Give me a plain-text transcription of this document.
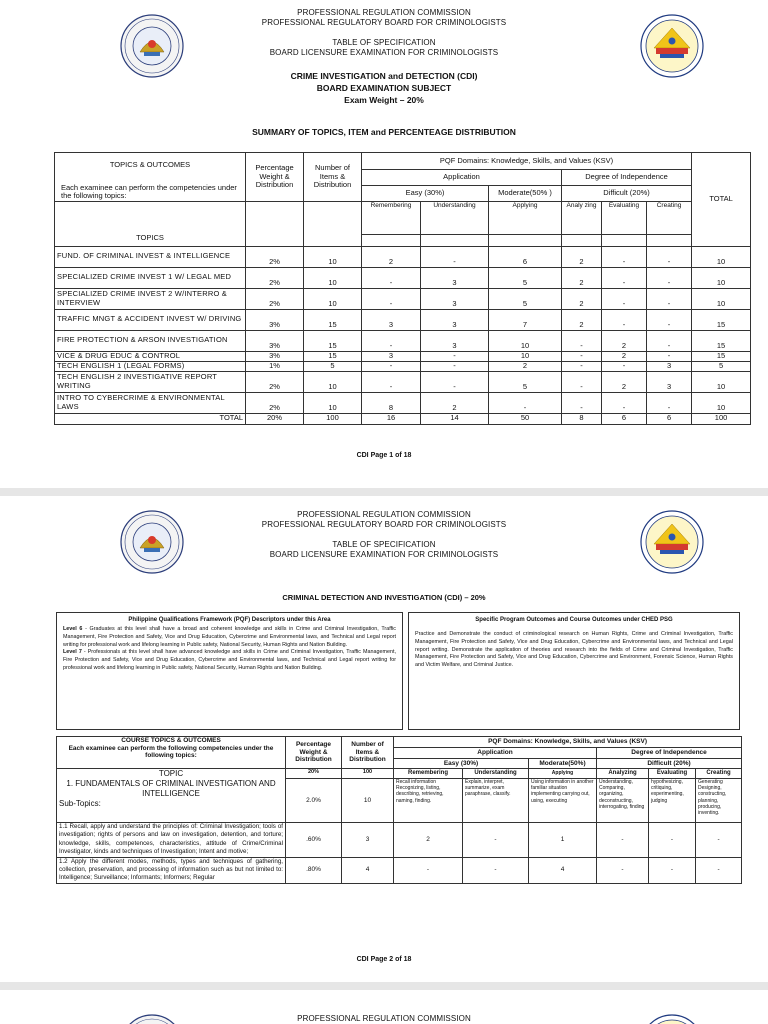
PROFESSIONAL REGULATION COMMISSION
PROFESSIONAL REGULATORY BOARD FOR CRIMINOLOGISTS
TABLE OF SPECIFICATION
BOARD LICENSURE EXAMINATION FOR CRIMINOLOGISTS
CRIME INVESTIGATION and DETECTION (CDI)
BOARD EXAMINATION SUBJECT
Exam Weight – 20%
SUMMARY OF TOPICS, ITEM and PERCENTEAGE DISTRIBUTION
TOPICS & OUTCOMES
Each examinee can perform the competencies under the following topics:	Percentage Weight & Distribution	Number of Items & Distribution	PQF Domains: Knowledge, Skills, and Values (KSV)						TOTAL
			Application			Degree of Independence			
			Easy (30%)		Moderate(50% )	Difficult (20%)			
TOPICS			Remembering	Understanding	Applying	Analy zing	Evaluating	Creating	

FUND. OF CRIMINAL INVEST & INTELLIGENCE	2%	10	2	-	6	2	-	-	10
SPECIALIZED CRIME INVEST 1 W/ LEGAL MED	2%	10	-	3	5	2	-	-	10
SPECIALIZED CRIME INVEST 2 W/INTERRO & INTERVIEW	2%	10	-	3	5	2	-	-	10
TRAFFIC MNGT & ACCIDENT INVEST W/ DRIVING	3%	15	3	3	7	2	-	-	15
FIRE PROTECTION & ARSON INVESTIGATION	3%	15	-	3	10	-	2	-	15
VICE & DRUG EDUC & CONTROL	3%	15	3	-	10	-	2	-	15
TECH ENGLISH 1 (LEGAL FORMS)	1%	5	-	-	2	-	-	3	5
TECH ENGLISH 2 INVESTIGATIVE REPORT WRITING	2%	10	-	-	5	-	2	3	10
INTRO TO CYBERCRIME & ENVIRONMENTAL LAWS	2%	10	8	2	-	-	-	-	10
TOTAL	20%	100	16	14	50	8	6	6	100
CDI Page 1 of 18
PROFESSIONAL REGULATION COMMISSION
PROFESSIONAL REGULATORY BOARD FOR CRIMINOLOGISTS
TABLE OF SPECIFICATION
BOARD LICENSURE EXAMINATION FOR CRIMINOLOGISTS
CRIMINAL DETECTION AND INVESTIGATION (CDI) – 20%
Philippine Qualifications Framework (PQF) Descriptors under this Area

Level 6 - Graduates at this level shall have a broad and coherent knowledge and skills in Crime and Criminal Investigation, Traffic Management, Fire Protection and Safety, Vice and Drug Education, Cybercrime and Environmental laws, and Technical and Legal report writing for professional work and lifelong learning in Public safety, National Security, Human Rights and Nation Building.

Level 7 - Professionals at this level shall have advanced knowledge and skills in Crime and Criminal Investigation, Traffic Management, Fire Protection and Safety, Vice and Drug Education, Cybercrime and Environmental laws, and Technical and Legal report writing for professional work and lifelong learning in Public safety, National Security, Human Rights and Nation Building.

Specific Program Outcomes and Course Outcomes under CHED PSG

Practice and Demonstrate the conduct of criminological research on Human Rights, Crime and Criminal Investigation, Traffic Management, Fire Protection and Safety, Vice and Drug Education, Cybercrime and Environmental laws, and Technical and Legal report writing. Demonstrate the application of theories and research into the fields of Crime and Criminal Investigation, Traffic Management, Fire Protection and Safety, Vice and Drug Education, Cybercrime and Environment, Forensic Science, Human Rights and Victim Welfare, and Criminal Justice.

COURSE TOPICS & OUTCOMES
Each examinee can perform the following competencies under the following topics:	Percentage Weight & Distribution	Number of Items & Distribution	PQF Domains: Knowledge, Skills, and Values (KSV)					
			Application			Degree of Independence		
			Easy (30%)		Moderate(50%)	Difficult (20%)		

TOPIC
1. FUNDAMENTALS OF CRIMINAL INVESTIGATION AND INTELLIGENCE
Sub-Topics:	20%	100	Remembering	Understanding	Applying	Analyzing	Evaluating	Creating
	2.0%	10	Recall information Recognizing, listing, describing, retrieving, naming, finding.	Explain, interpret, summarize, exam paraphrase, classify.	Using information in another familiar situation implementing carrying out, using, executing	Understanding, Comparing, organizing, deconstructing, interrogating, finding	hypothesizing, critiquing, experimenting, judging	Generating Designing, constructing, planning, producing, inventing.
1.1 Recall, apply and understand the principles of: Criminal Investigation; tools of investigation; rights of persons and law on investigation, detention, and torture; knowledge, skills, competences, characteristics, attitude of Crime/Criminal Investigator, kinds and techniques of Investigation; Intent and motive;	.60%	3	2	-	1	-	-	-
1.2 Apply the different modes, methods, types and techniques of gathering, collection, preservation, and processing of information such as but not limited to: Intelligence; Surveillance; Informants; Informers; Regular	.80%	4	-	-	4	-	-	-
CDI Page 2 of 18
PROFESSIONAL REGULATION COMMISSION
